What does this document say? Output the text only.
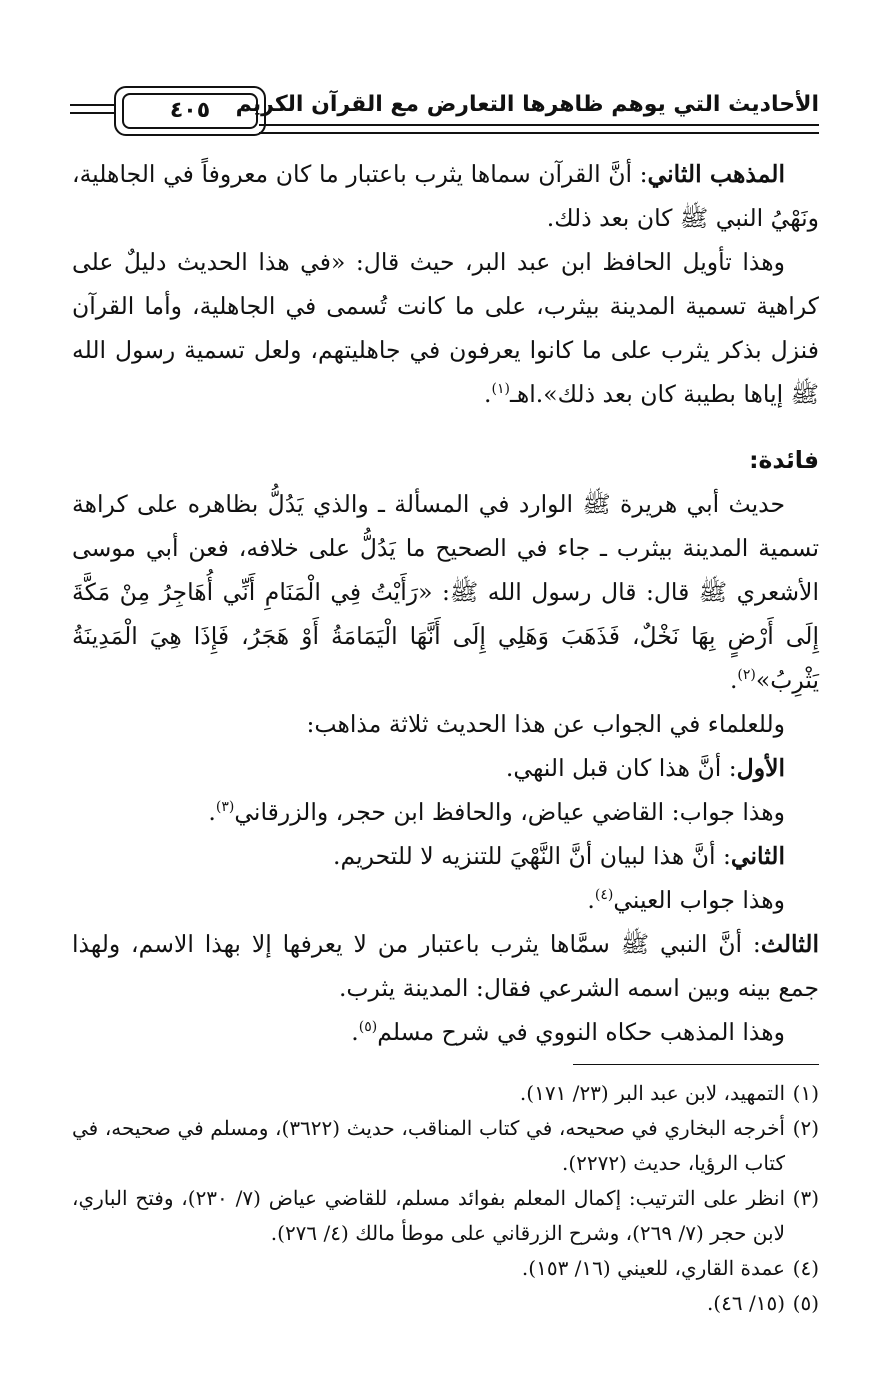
الأحاديث التي يوهم ظاهرها التعارض مع القرآن الكريم
٤٠٥

المذهب الثاني: أنَّ القرآن سماها يثرب باعتبار ما كان معروفاً في الجاهلية، ونَهْيُ النبي ﷺ كان بعد ذلك.

وهذا تأويل الحافظ ابن عبد البر، حيث قال: «في هذا الحديث دليلٌ على كراهية تسمية المدينة بيثرب، على ما كانت تُسمى في الجاهلية، وأما القرآن فنزل بذكر يثرب على ما كانوا يعرفون في جاهليتهم، ولعل تسمية رسول الله ﷺ إياها بطيبة كان بعد ذلك».اهـ$^{(١)}$.

فائدة:

حديث أبي هريرة ﷺ الوارد في المسألة ـ والذي يَدُلُّ بظاهره على كراهة تسمية المدينة بيثرب ـ جاء في الصحيح ما يَدُلُّ على خلافه، فعن أبي موسى الأشعري ﷺ قال: قال رسول الله ﷺ: «رَأَيْتُ فِي الْمَنَامِ أَنِّي أُهَاجِرُ مِنْ مَكَّةَ إِلَى أَرْضٍ بِهَا نَخْلٌ، فَذَهَبَ وَهَلِي إِلَى أَنَّهَا الْيَمَامَةُ أَوْ هَجَرُ، فَإِذَا هِيَ الْمَدِينَةُ يَثْرِبُ»$^{(٢)}$.

وللعلماء في الجواب عن هذا الحديث ثلاثة مذاهب:

الأول: أنَّ هذا كان قبل النهي.

وهذا جواب: القاضي عياض، والحافظ ابن حجر، والزرقاني$^{(٣)}$.

الثاني: أنَّ هذا لبيان أنَّ النَّهْيَ للتنزيه لا للتحريم.

وهذا جواب العيني$^{(٤)}$.

الثالث: أنَّ النبي ﷺ سمَّاها يثرب باعتبار من لا يعرفها إلا بهذا الاسم، ولهذا جمع بينه وبين اسمه الشرعي فقال: المدينة يثرب.

وهذا المذهب حكاه النووي في شرح مسلم$^{(٥)}$.

(١)
التمهيد، لابن عبد البر (٢٣/ ١٧١).
(٢)
أخرجه البخاري في صحيحه، في كتاب المناقب، حديث (٣٦٢٢)، ومسلم في صحيحه، في كتاب الرؤيا، حديث (٢٢٧٢).
(٣)
انظر على الترتيب: إكمال المعلم بفوائد مسلم، للقاضي عياض (٧/ ٢٣٠)، وفتح الباري، لابن حجر (٧/ ٢٦٩)، وشرح الزرقاني على موطأ مالك (٤/ ٢٧٦).
(٤)
عمدة القاري، للعيني (١٦/ ١٥٣).
(٥)
(١٥/ ٤٦).
